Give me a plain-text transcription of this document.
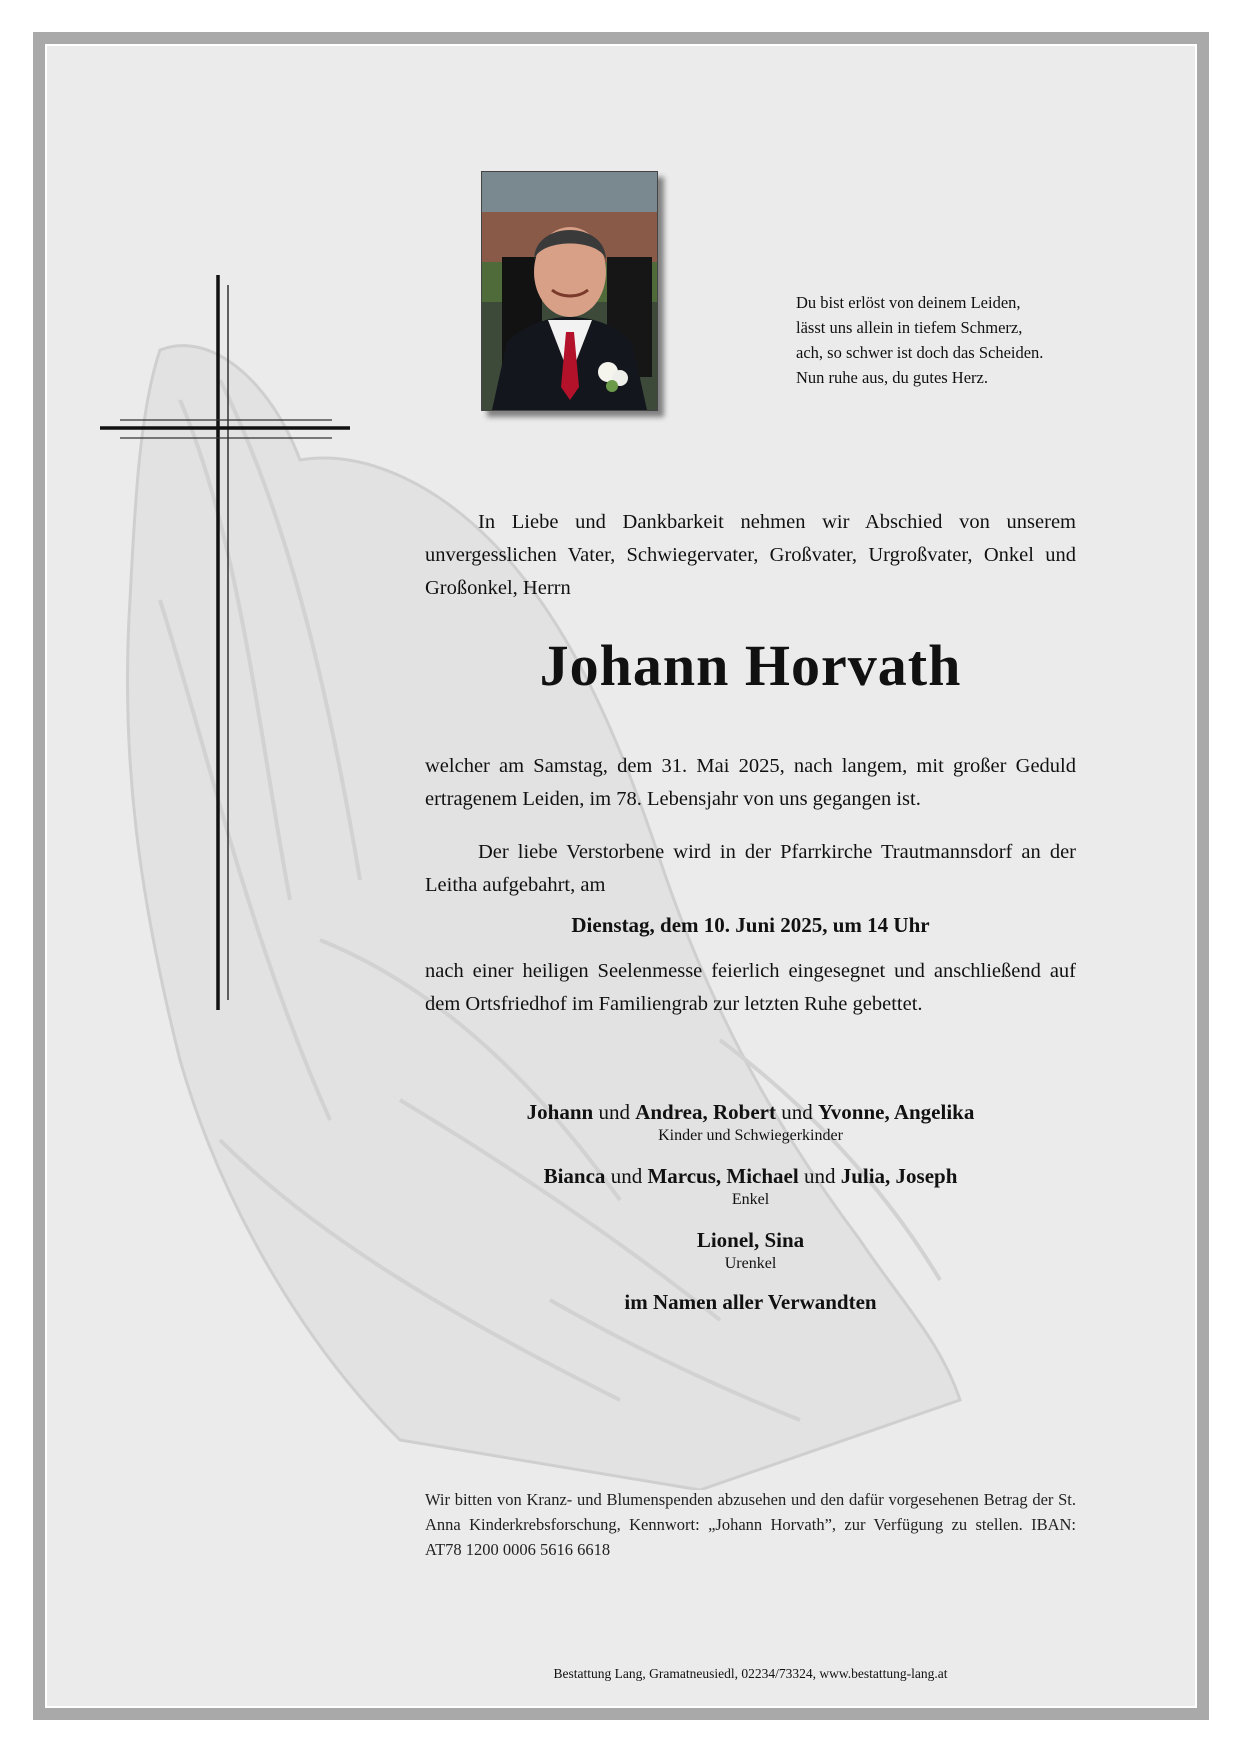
Du bist erlöst von deinem Leiden,
lässt uns allein in tiefem Schmerz,
ach, so schwer ist doch das Scheiden.
Nun ruhe aus, du gutes Herz.
In Liebe und Dankbarkeit nehmen wir Abschied von unserem unvergesslichen Vater, Schwiegervater, Großvater, Urgroßvater, Onkel und Großonkel, Herrn
Johann Horvath
welcher am Samstag, dem 31. Mai 2025, nach langem, mit großer Geduld ertragenem Leiden, im 78. Lebensjahr von uns gegangen ist.
Der liebe Verstorbene wird in der Pfarrkirche Trautmannsdorf an der Leitha aufgebahrt, am
Dienstag, dem 10. Juni 2025, um 14 Uhr
nach einer heiligen Seelenmesse feierlich eingesegnet und anschließend auf dem Ortsfriedhof im Familiengrab zur letzten Ruhe gebettet.
Johann und Andrea, Robert und Yvonne, Angelika
Kinder und Schwiegerkinder
Bianca und Marcus, Michael und Julia, Joseph
Enkel
Lionel, Sina
Urenkel
im Namen aller Verwandten
Wir bitten von Kranz- und Blumenspenden abzusehen und den dafür vorgesehenen Betrag der St. Anna Kinderkrebsforschung, Kennwort: „Johann Horvath”, zur Verfügung zu stellen. IBAN: AT78 1200 0006 5616 6618
Bestattung Lang, Gramatneusiedl, 02234/73324, www.bestattung-lang.at
